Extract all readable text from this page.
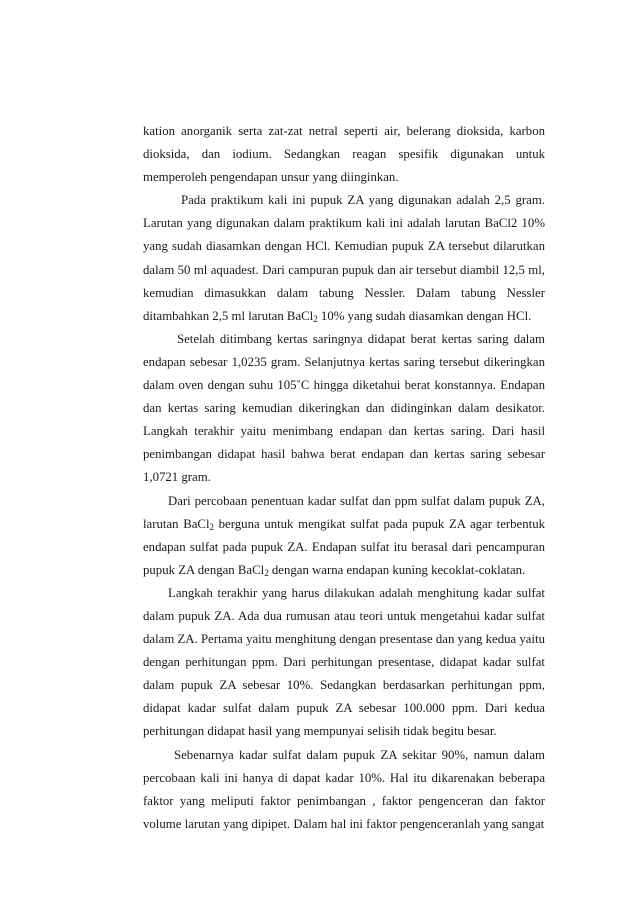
kation anorganik serta zat-zat netral seperti air, belerang dioksida, karbon dioksida, dan iodium. Sedangkan reagan spesifik digunakan untuk memperoleh pengendapan unsur yang diinginkan.

Pada praktikum kali ini pupuk ZA yang digunakan adalah 2,5 gram. Larutan yang digunakan dalam praktikum kali ini adalah larutan BaCl2 10% yang sudah diasamkan dengan HCl. Kemudian pupuk ZA tersebut dilarutkan dalam 50 ml aquadest. Dari campuran pupuk dan air tersebut diambil 12,5 ml, kemudian dimasukkan dalam tabung Nessler. Dalam tabung Nessler ditambahkan 2,5 ml larutan BaCl$_2$ 10% yang sudah diasamkan dengan HCl.

Setelah ditimbang kertas saringnya didapat berat kertas saring dalam endapan sebesar 1,0235 gram. Selanjutnya kertas saring tersebut dikeringkan dalam oven dengan suhu 105˚C hingga diketahui berat konstannya. Endapan dan kertas saring kemudian dikeringkan dan didinginkan dalam desikator. Langkah terakhir yaitu menimbang endapan dan kertas saring. Dari hasil penimbangan didapat hasil bahwa berat endapan dan kertas saring sebesar 1,0721 gram.

Dari percobaan penentuan kadar sulfat dan ppm sulfat dalam pupuk ZA, larutan BaCl$_2$ berguna untuk mengikat sulfat pada pupuk ZA agar terbentuk endapan sulfat pada pupuk ZA. Endapan sulfat itu berasal dari pencampuran pupuk ZA dengan BaCl$_2$ dengan warna endapan kuning kecoklat-coklatan.

Langkah terakhir yang harus dilakukan adalah menghitung kadar sulfat dalam pupuk ZA. Ada dua rumusan atau teori untuk mengetahui kadar sulfat dalam ZA. Pertama yaitu menghitung dengan presentase dan yang kedua yaitu dengan perhitungan ppm. Dari perhitungan presentase, didapat kadar sulfat dalam pupuk ZA sebesar 10%. Sedangkan berdasarkan perhitungan ppm, didapat kadar sulfat dalam pupuk ZA sebesar 100.000 ppm. Dari kedua perhitungan didapat hasil yang mempunyai selisih tidak begitu besar.

Sebenarnya kadar sulfat dalam pupuk ZA sekitar 90%, namun dalam percobaan kali ini hanya di dapat kadar 10%. Hal itu dikarenakan beberapa faktor yang meliputi faktor penimbangan , faktor pengenceran dan faktor volume larutan yang dipipet. Dalam hal ini faktor pengenceranlah yang sangat
